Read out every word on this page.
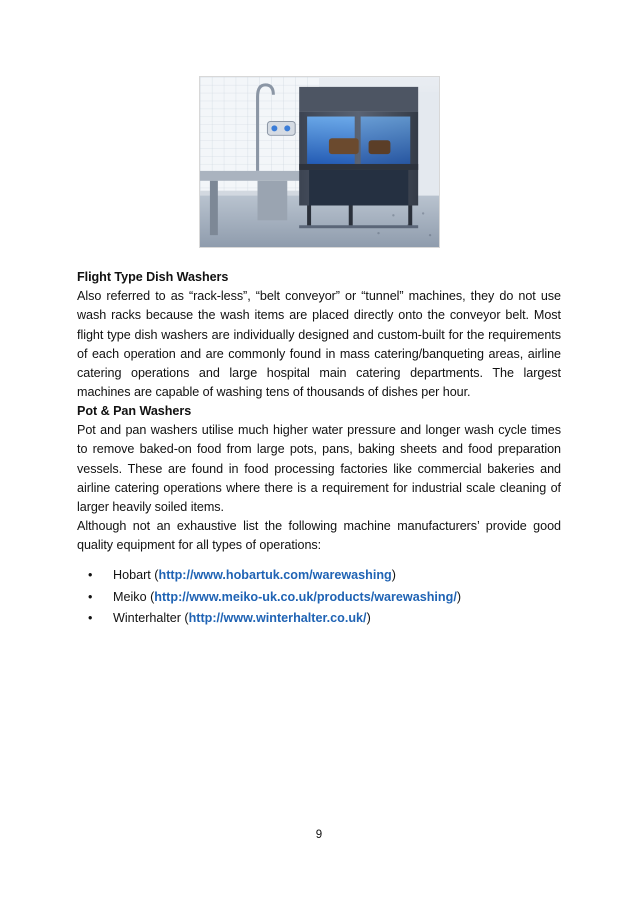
Flight Type Dish Washers

Also referred to as “rack-less”, “belt conveyor” or “tunnel” machines, they do not use wash racks because the wash items are placed directly onto the conveyor belt. Most flight type dish washers are individually designed and custom-built for the requirements of each operation and are commonly found in mass catering/banqueting areas, airline catering operations and large hospital main catering departments. The largest machines are capable of washing tens of thousands of dishes per hour.

Pot & Pan Washers

Pot and pan washers utilise much higher water pressure and longer wash cycle times to remove baked-on food from large pots, pans, baking sheets and food preparation vessels. These are found in food processing factories like commercial bakeries and airline catering operations where there is a requirement for industrial scale cleaning of larger heavily soiled items.

Although not an exhaustive list the following machine manufacturers’ provide good quality equipment for all types of operations:

• Hobart (http://www.hobartuk.com/warewashing)
• Meiko (http://www.meiko-uk.co.uk/products/warewashing/)
• Winterhalter (http://www.winterhalter.co.uk/)
9
